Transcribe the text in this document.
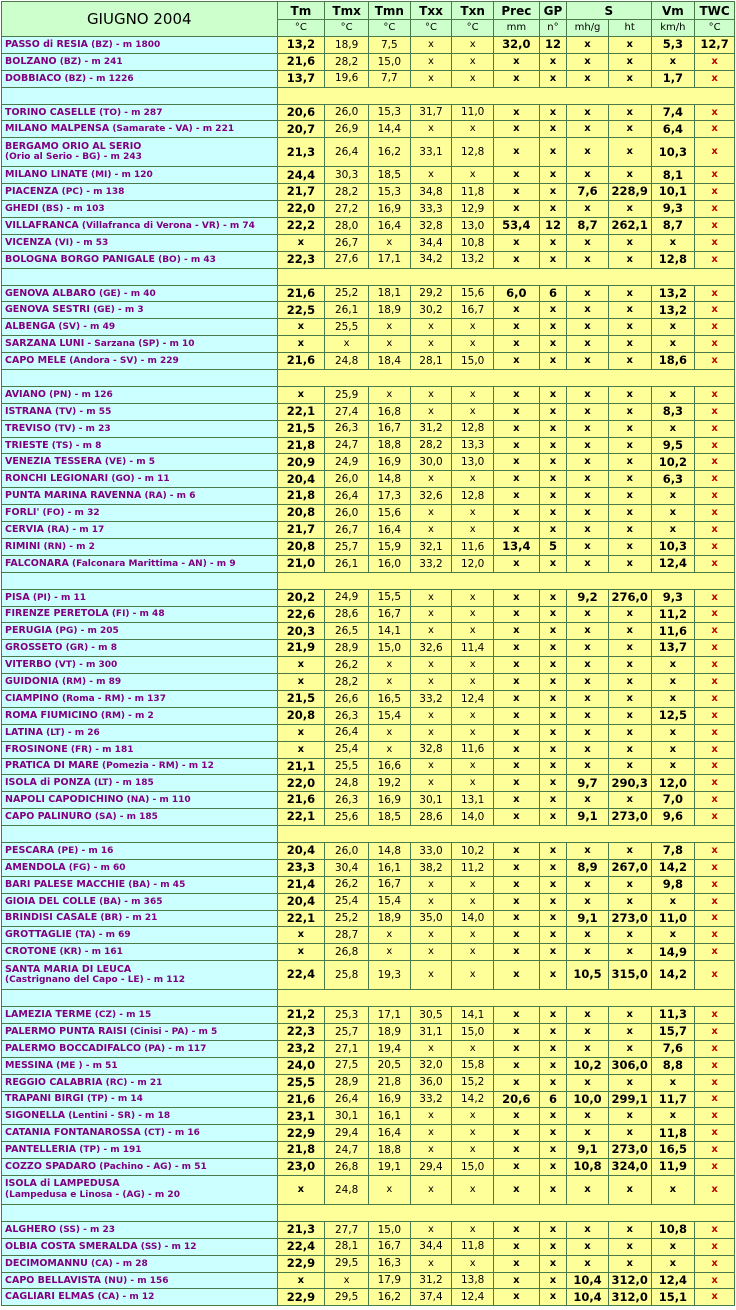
GIUGNO 2004	Tm	Tmx	Tmn	Txx	Txn	Prec	GP	S		Vm	TWC
	°C	°C	°C	°C	°C	mm	n°	mh/g	ht	km/h	°C
PASSO di RESIA (BZ) - m 1800	13,2	18,9	7,5	x	x	32,0	12	x	x	5,3	12,7
BOLZANO (BZ) - m 241	21,6	28,2	15,0	x	x	x	x	x	x	x	x
DOBBIACO (BZ) - m 1226	13,7	19,6	7,7	x	x	x	x	x	x	1,7	x

TORINO CASELLE (TO) - m 287	20,6	26,0	15,3	31,7	11,0	x	x	x	x	7,4	x
MILANO MALPENSA (Samarate - VA) - m 221	20,7	26,9	14,4	x	x	x	x	x	x	6,4	x
BERGAMO ORIO AL SERIO
(Orio al Serio - BG) - m 243	21,3	26,4	16,2	33,1	12,8	x	x	x	x	10,3	x
MILANO LINATE (MI) - m 120	24,4	30,3	18,5	x	x	x	x	x	x	8,1	x
PIACENZA (PC) - m 138	21,7	28,2	15,3	34,8	11,8	x	x	7,6	228,9	10,1	x
GHEDI (BS) - m 103	22,0	27,2	16,9	33,3	12,9	x	x	x	x	9,3	x
VILLAFRANCA (Villafranca di Verona - VR) - m 74	22,2	28,0	16,4	32,8	13,0	53,4	12	8,7	262,1	8,7	x
VICENZA (VI) - m 53	x	26,7	x	34,4	10,8	x	x	x	x	x	x
BOLOGNA BORGO PANIGALE (BO) - m 43	22,3	27,6	17,1	34,2	13,2	x	x	x	x	12,8	x

GENOVA ALBARO (GE) - m 40	21,6	25,2	18,1	29,2	15,6	6,0	6	x	x	13,2	x
GENOVA SESTRI (GE) - m 3	22,5	26,1	18,9	30,2	16,7	x	x	x	x	13,2	x
ALBENGA (SV) - m 49	x	25,5	x	x	x	x	x	x	x	x	x
SARZANA LUNI - Sarzana (SP) - m 10	x	x	x	x	x	x	x	x	x	x	x
CAPO MELE (Andora - SV) - m 229	21,6	24,8	18,4	28,1	15,0	x	x	x	x	18,6	x

AVIANO (PN) - m 126	x	25,9	x	x	x	x	x	x	x	x	x
ISTRANA (TV) - m 55	22,1	27,4	16,8	x	x	x	x	x	x	8,3	x
TREVISO (TV) - m 23	21,5	26,3	16,7	31,2	12,8	x	x	x	x	x	x
TRIESTE (TS) - m 8	21,8	24,7	18,8	28,2	13,3	x	x	x	x	9,5	x
VENEZIA TESSERA (VE) - m 5	20,9	24,9	16,9	30,0	13,0	x	x	x	x	10,2	x
RONCHI LEGIONARI (GO) - m 11	20,4	26,0	14,8	x	x	x	x	x	x	6,3	x
PUNTA MARINA RAVENNA (RA) - m 6	21,8	26,4	17,3	32,6	12,8	x	x	x	x	x	x
FORLI' (FO) - m 32	20,8	26,0	15,6	x	x	x	x	x	x	x	x
CERVIA (RA) - m 17	21,7	26,7	16,4	x	x	x	x	x	x	x	x
RIMINI (RN) - m 2	20,8	25,7	15,9	32,1	11,6	13,4	5	x	x	10,3	x
FALCONARA (Falconara Marittima - AN) - m 9	21,0	26,1	16,0	33,2	12,0	x	x	x	x	12,4	x

PISA (PI) - m 11	20,2	24,9	15,5	x	x	x	x	9,2	276,0	9,3	x
FIRENZE PERETOLA (FI) - m 48	22,6	28,6	16,7	x	x	x	x	x	x	11,2	x
PERUGIA (PG) - m 205	20,3	26,5	14,1	x	x	x	x	x	x	11,6	x
GROSSETO (GR) - m 8	21,9	28,9	15,0	32,6	11,4	x	x	x	x	13,7	x
VITERBO (VT) - m 300	x	26,2	x	x	x	x	x	x	x	x	x
GUIDONIA (RM) - m 89	x	28,2	x	x	x	x	x	x	x	x	x
CIAMPINO (Roma - RM) - m 137	21,5	26,6	16,5	33,2	12,4	x	x	x	x	x	x
ROMA FIUMICINO (RM) - m 2	20,8	26,3	15,4	x	x	x	x	x	x	12,5	x
LATINA (LT) - m 26	x	26,4	x	x	x	x	x	x	x	x	x
FROSINONE (FR) - m 181	x	25,4	x	32,8	11,6	x	x	x	x	x	x
PRATICA DI MARE (Pomezia - RM) - m 12	21,1	25,5	16,6	x	x	x	x	x	x	x	x
ISOLA di PONZA (LT) - m 185	22,0	24,8	19,2	x	x	x	x	9,7	290,3	12,0	x
NAPOLI CAPODICHINO (NA) - m 110	21,6	26,3	16,9	30,1	13,1	x	x	x	x	7,0	x
CAPO PALINURO (SA) - m 185	22,1	25,6	18,5	28,6	14,0	x	x	9,1	273,0	9,6	x

PESCARA (PE) - m 16	20,4	26,0	14,8	33,0	10,2	x	x	x	x	7,8	x
AMENDOLA (FG) - m 60	23,3	30,4	16,1	38,2	11,2	x	x	8,9	267,0	14,2	x
BARI PALESE MACCHIE (BA) - m 45	21,4	26,2	16,7	x	x	x	x	x	x	9,8	x
GIOIA DEL COLLE (BA) - m 365	20,4	25,4	15,4	x	x	x	x	x	x	x	x
BRINDISI CASALE (BR) - m 21	22,1	25,2	18,9	35,0	14,0	x	x	9,1	273,0	11,0	x
GROTTAGLIE (TA) - m 69	x	28,7	x	x	x	x	x	x	x	x	x
CROTONE (KR) - m 161	x	26,8	x	x	x	x	x	x	x	14,9	x
SANTA MARIA DI LEUCA
(Castrignano del Capo - LE) - m 112	22,4	25,8	19,3	x	x	x	x	10,5	315,0	14,2	x

LAMEZIA TERME (CZ) - m 15	21,2	25,3	17,1	30,5	14,1	x	x	x	x	11,3	x
PALERMO PUNTA RAISI (Cinisi - PA) - m 5	22,3	25,7	18,9	31,1	15,0	x	x	x	x	15,7	x
PALERMO BOCCADIFALCO (PA) - m 117	23,2	27,1	19,4	x	x	x	x	x	x	7,6	x
MESSINA (ME ) - m 51	24,0	27,5	20,5	32,0	15,8	x	x	10,2	306,0	8,8	x
REGGIO CALABRIA (RC) - m 21	25,5	28,9	21,8	36,0	15,2	x	x	x	x	x	x
TRAPANI BIRGI (TP) - m 14	21,6	26,4	16,9	33,2	14,2	20,6	6	10,0	299,1	11,7	x
SIGONELLA (Lentini - SR) - m 18	23,1	30,1	16,1	x	x	x	x	x	x	x	x
CATANIA FONTANAROSSA (CT) - m 16	22,9	29,4	16,4	x	x	x	x	x	x	11,8	x
PANTELLERIA (TP) - m 191	21,8	24,7	18,8	x	x	x	x	9,1	273,0	16,5	x
COZZO SPADARO (Pachino - AG) - m 51	23,0	26,8	19,1	29,4	15,0	x	x	10,8	324,0	11,9	x
ISOLA di LAMPEDUSA
(Lampedusa e Linosa - (AG) - m 20	x	24,8	x	x	x	x	x	x	x	x	x

ALGHERO (SS) - m 23	21,3	27,7	15,0	x	x	x	x	x	x	10,8	x
OLBIA COSTA SMERALDA (SS) - m 12	22,4	28,1	16,7	34,4	11,8	x	x	x	x	x	x
DECIMOMANNU (CA) - m 28	22,9	29,5	16,3	x	x	x	x	x	x	x	x
CAPO BELLAVISTA (NU) - m 156	x	x	17,9	31,2	13,8	x	x	10,4	312,0	12,4	x
CAGLIARI ELMAS (CA) - m 12	22,9	29,5	16,2	37,4	12,4	x	x	10,4	312,0	15,1	x
